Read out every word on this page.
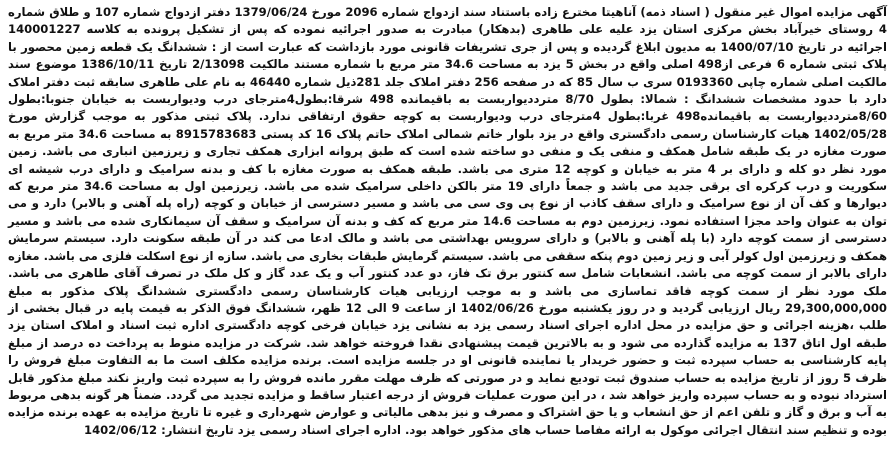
آگهی مزایده اموال غیر منقول ( اسناد ذمه) آناهیتا مخترع زاده باستناد سند ازدواج شماره 2096 مورخ 1379/06/24 دفتر ازدواج شماره 107 و طلاق شماره 4 روستای خیرآباد بخش مرکزی استان یزد علیه علی طاهری (بدهکار) مبادرت به صدور اجرائیه نموده که پس از تشکیل پرونده به کلاسه 140001227 اجرائیه در تاریخ 1400/07/10 به مدیون ابلاغ گردیده و پس از جری تشریفات قانونی مورد بازداشت که عبارت است از : ششدانگ یک قطعه زمین محصور با پلاک ثبتی شماره 6 فرعی از498 اصلی واقع در بخش 5 یزد به مساحت 34.6 متر مربع با شماره مستند مالکیت 2/13098 تاریخ 1386/10/11 موضوع سند مالکیت اصلی شماره چاپی 0193360 سری ب سال 85 که در صفحه 256 دفتر املاک جلد 281ذیل شماره 46440 به نام علی طاهری سابقه ثبت دفتر املاک دارد با حدود مشخصات ششدانگ : شمالا: بطول 8/70 مترددیواربست به باقیمانده 498 شرقا:بطول4مترجای درب ودیواربست به خیابان جنوبا:بطول 8/60مترددیواربست به باقیمانده498 غربا:بطول 4مترجای درب ودیواربست به کوچه حقوق ارتفاقی ندارد. پلاک ثبتی مذکور به موجب گزارش مورخ 1402/05/28 هیات کارشناسان رسمی دادگستری واقع در یزد بلوار خاتم شمالی املاک حاتم پلاک 16 کد پستی 8915783683 به مساحت 34.6 متر مربع به صورت مغازه در یک طبقه شامل همکف و منفی یک و منفی دو ساخته شده است که طبق پروانه ابزاری همکف تجاری و زیرزمین انباری می باشد. زمین مورد نظر دو کله و دارای بر 4 متر به خیابان و کوچه 12 متری می باشد. طبقه همکف به صورت مغازه با کف و بدنه سرامیک و دارای درب شیشه ای سکوریت و درب کرکره ای برقی جدید می باشد و جمعاً دارای 19 متر بالکن داخلی سرامیک شده می باشد. زیرزمین اول به مساحت 34.6 متر مربع که دیوارها و کف آن از نوع سرامیک و دارای سقف کاذب از نوع پی وی سی می باشد و مسیر دسترسی از خیابان و کوچه (راه پله آهنی و بالابر) دارد و می توان به عنوان واحد مجزا استفاده نمود. زیرزمین دوم به مساحت 14.6 متر مربع که کف و بدنه آن سرامیک و سقف آن سیمانکاری شده می باشد و مسیر دسترسی از سمت کوچه دارد (با پله آهنی و بالابر) و دارای سرویس بهداشتی می باشد و مالک ادعا می کند در آن طبقه سکونت دارد. سیستم سرمایش همکف و زیرزمین اول کولر آبی و زیر زمین دوم پنکه سقفی می باشد. سیستم گرمایش طبقات بخاری می باشد. سازه از نوع اسکلت فلزی می باشد. مغازه دارای بالابر از سمت کوچه می باشد. انشعابات شامل سه کنتور برق تک فاز، دو عدد کنتور آب و یک عدد گاز و کل ملک در تصرف آقای طاهری می باشد. ملک مورد نظر از سمت کوچه فاقد تماسازی می باشد و به موجب ارزیابی هیات کارشناسان رسمی دادگستری ششدانگ پلاک مذکور به مبلغ 29,300,000,000 ریال ارزیابی گردید و در روز یکشنبه مورخ 1402/06/26 از ساعت 9 الی 12 ظهر، ششدانگ فوق الذکر به قیمت پایه در قبال بخشی از طلب ،هزینه اجرائی و حق مزایده در محل اداره اجرای اسناد رسمی یزد به نشانی یزد خیابان فرخی کوچه دادگستری اداره ثبت اسناد و املاک استان یزد طبقه اول اتاق 137 به مزایده گذارده می شود و به بالاترین قیمت پیشنهادی نقدا فروخته خواهد شد. شرکت در مزایده منوط به پرداخت ده درصد از مبلغ پایه کارشناسی به حساب سپرده ثبت و حضور خریدار یا نماینده قانونی او در جلسه مزایده است. برنده مزایده مکلف است ما به التفاوت مبلغ فروش را ظرف 5 روز از تاریخ مزایده به حساب صندوق ثبت تودیع نماید و در صورتی که ظرف مهلت مقرر مانده فروش را به سپرده ثبت واریز نکند مبلغ مذکور قابل استرداد نبوده و به حساب سپرده واریز خواهد شد ، در این صورت عملیات فروش از درجه اعتبار ساقط و مزایده تجدید می گردد. ضمناً هر گونه بدهی مربوط به آب و برق و گاز و تلفن اعم از حق انشعاب و یا حق اشتراک و مصرف و نیز بدهی مالیاتی و عوارض شهرداری و غیره تا تاریخ مزایده به عهده برنده مزایده بوده و تنظیم سند انتقال اجرائی موکول به ارائه مفاصا حساب های مذکور خواهد بود. اداره اجرای اسناد رسمی یزد تاریخ انتشار: 1402/06/12
